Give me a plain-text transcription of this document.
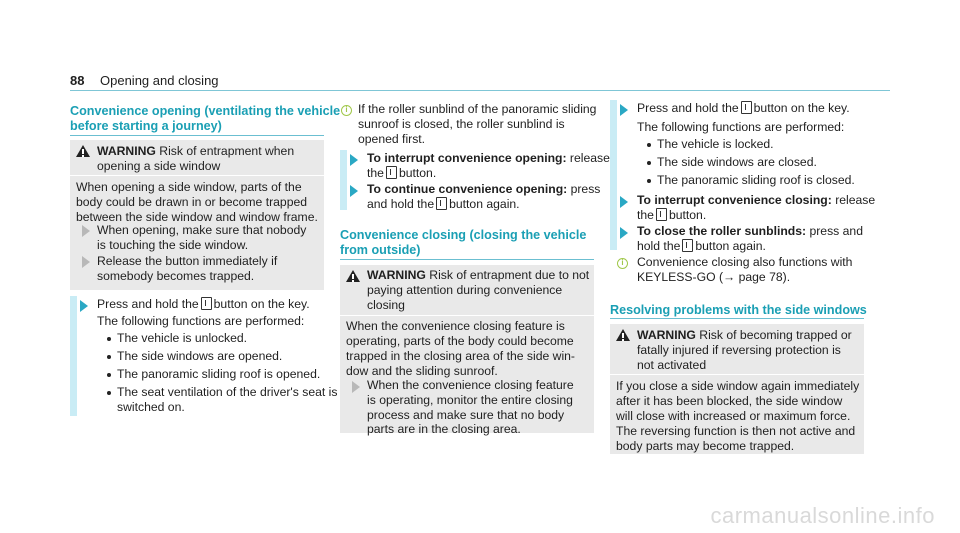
88 Opening and closing
Convenience opening (ventilating the vehicle
before starting a journey)
WARNING Risk of entrapment when
opening a side window
When opening a side window, parts of the
body could be drawn in or become trapped
between the side window and window frame.
When opening, make sure that nobody
is touching the side window.
Release the button immediately if
somebody becomes trapped.
Press and hold the button on the key.
The following functions are performed:
The vehicle is unlocked.
The side windows are opened.
The panoramic sliding roof is opened.
The seat ventilation of the driver's seat is
switched on.
i If the roller sunblind of the panoramic sliding
sunroof is closed, the roller sunblind is
opened first.
To interrupt convenience opening: release
the button.
To continue convenience opening: press
and hold the button again.
Convenience closing (closing the vehicle
from outside)
WARNING Risk of entrapment due to not
paying attention during convenience
closing
When the convenience closing feature is
operating, parts of the body could become
trapped in the closing area of the side win‐
dow and the sliding sunroof.
When the convenience closing feature
is operating, monitor the entire closing
process and make sure that no body
parts are in the closing area.
Press and hold the button on the key.
The following functions are performed:
The vehicle is locked.
The side windows are closed.
The panoramic sliding roof is closed.
To interrupt convenience closing: release
the button.
To close the roller sunblinds: press and
hold the button again.
i	Convenience closing also functions with
KEYLESS-GO (→ page 78).
Resolving problems with the side windows
WARNING Risk of becoming trapped or
fatally injured if reversing protection is
not activated
If you close a side window again immediately
after it has been blocked, the side window
will close with increased or maximum force.
The reversing function is then not active and
body parts may become trapped.
carmanualsonline.info
